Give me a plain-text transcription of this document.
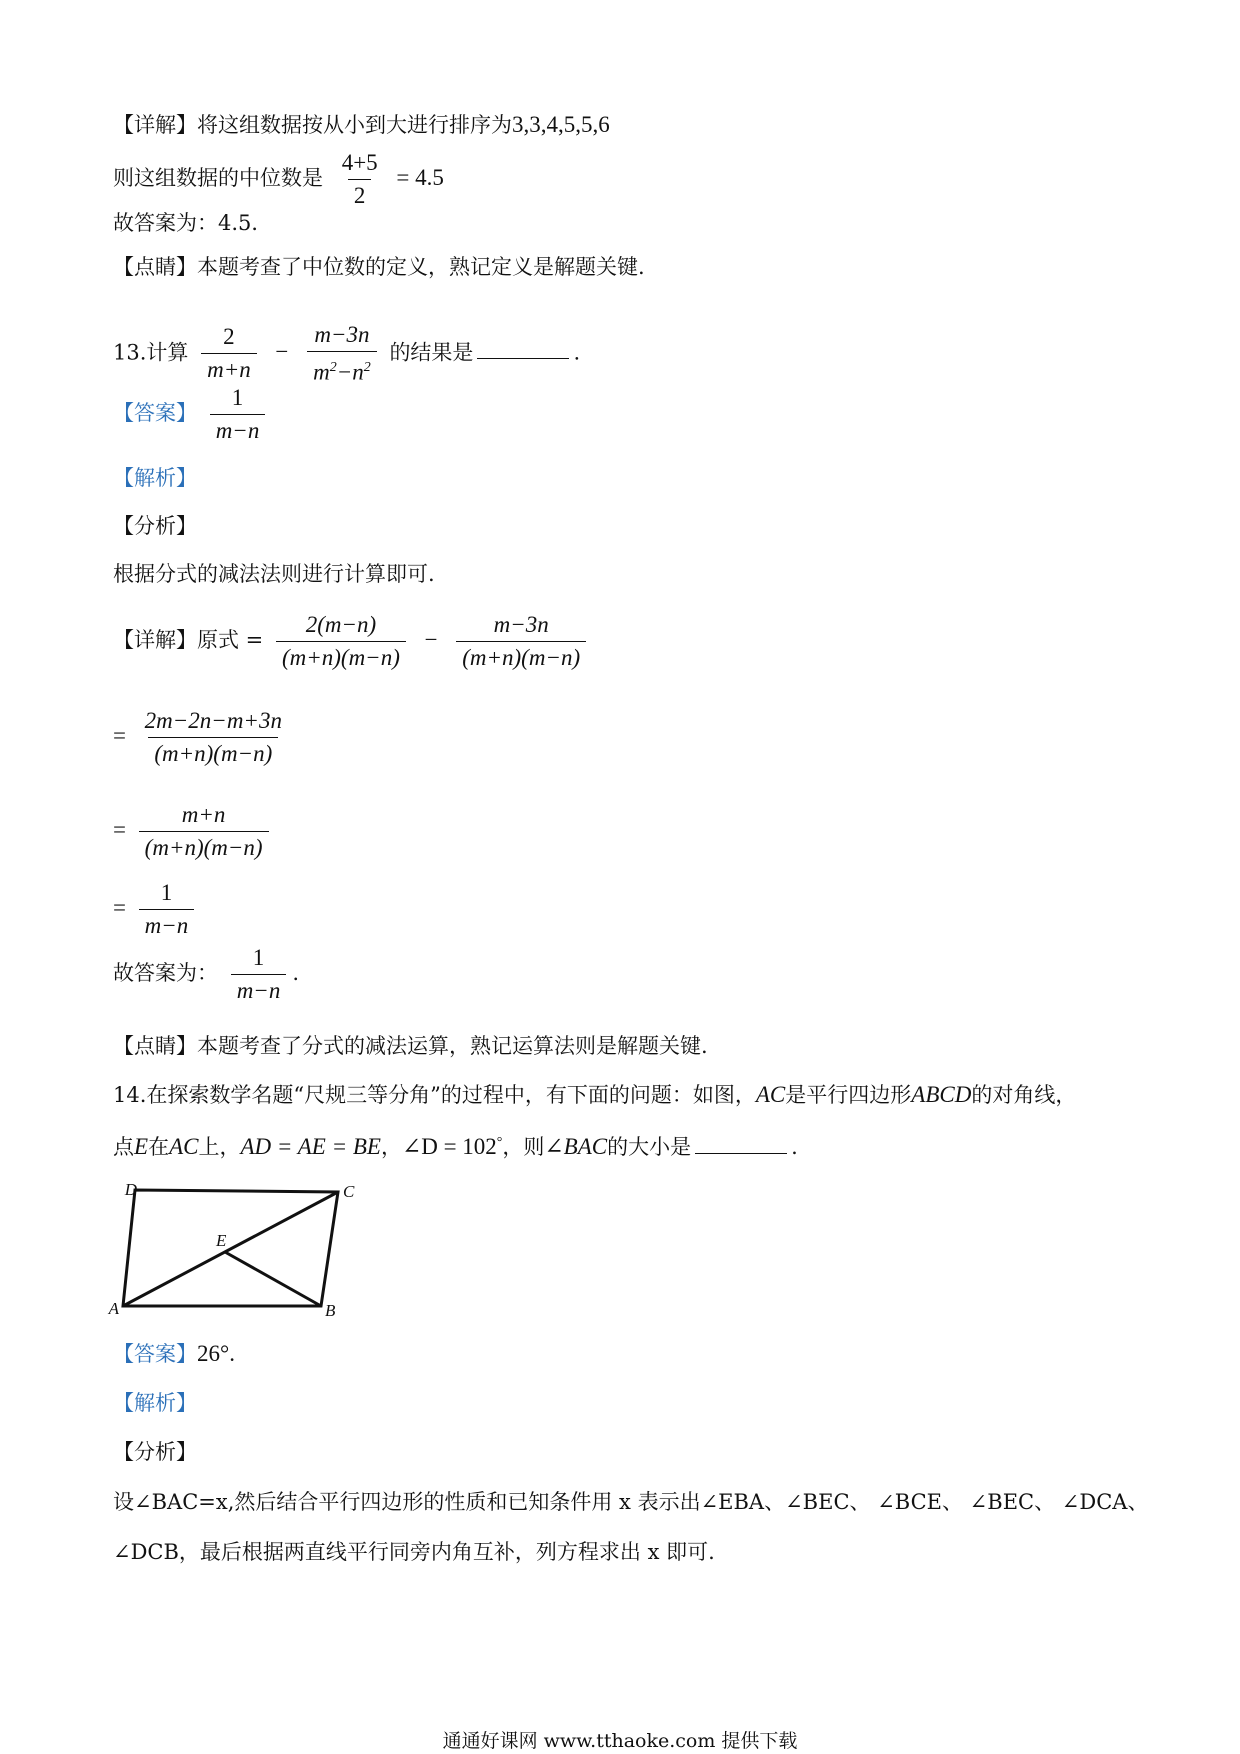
【详解】将这组数据按从小到大进行排序为3,3,4,5,5,6
则这组数据的中位数是 $\frac{4+5}{2} = 4.5$
故答案为：4.5．
【点睛】本题考查了中位数的定义，熟记定义是解题关键.
13.计算 $\frac{2}{m+n} - \frac{m-3n}{m^2-n^2}$ 的结果是	.
【答案】 $\frac{1}{m-n}$
【解析】
【分析】
根据分式的减法法则进行计算即可.
【详解】原式 = $\frac{2(m-n)}{(m+n)(m-n)} - \frac{m-3n}{(m+n)(m-n)}$
= $\frac{2m-2n-m+3n}{(m+n)(m-n)}$
= $\frac{m+n}{(m+n)(m-n)}$
= $\frac{1}{m-n}$
故答案为： $\frac{1}{m-n}$ .
【点睛】本题考查了分式的减法运算，熟记运算法则是解题关键.
14.在探索数学名题“尺规三等分角”的过程中，有下面的问题：如图，AC是平行四边形ABCD的对角线，
点E在AC上，AD = AE = BE，∠D = 102°，则∠BAC的大小是	.
D	C
E
A	B
【答案】26°.
【解析】
【分析】
设∠BAC=x,然后结合平行四边形的性质和已知条件用 x 表示出∠EBA、∠BEC、 ∠BCE、 ∠BEC、 ∠DCA、
∠DCB，最后根据两直线平行同旁内角互补，列方程求出 x 即可.
通通好课网 www.tthaoke.com 提供下载
